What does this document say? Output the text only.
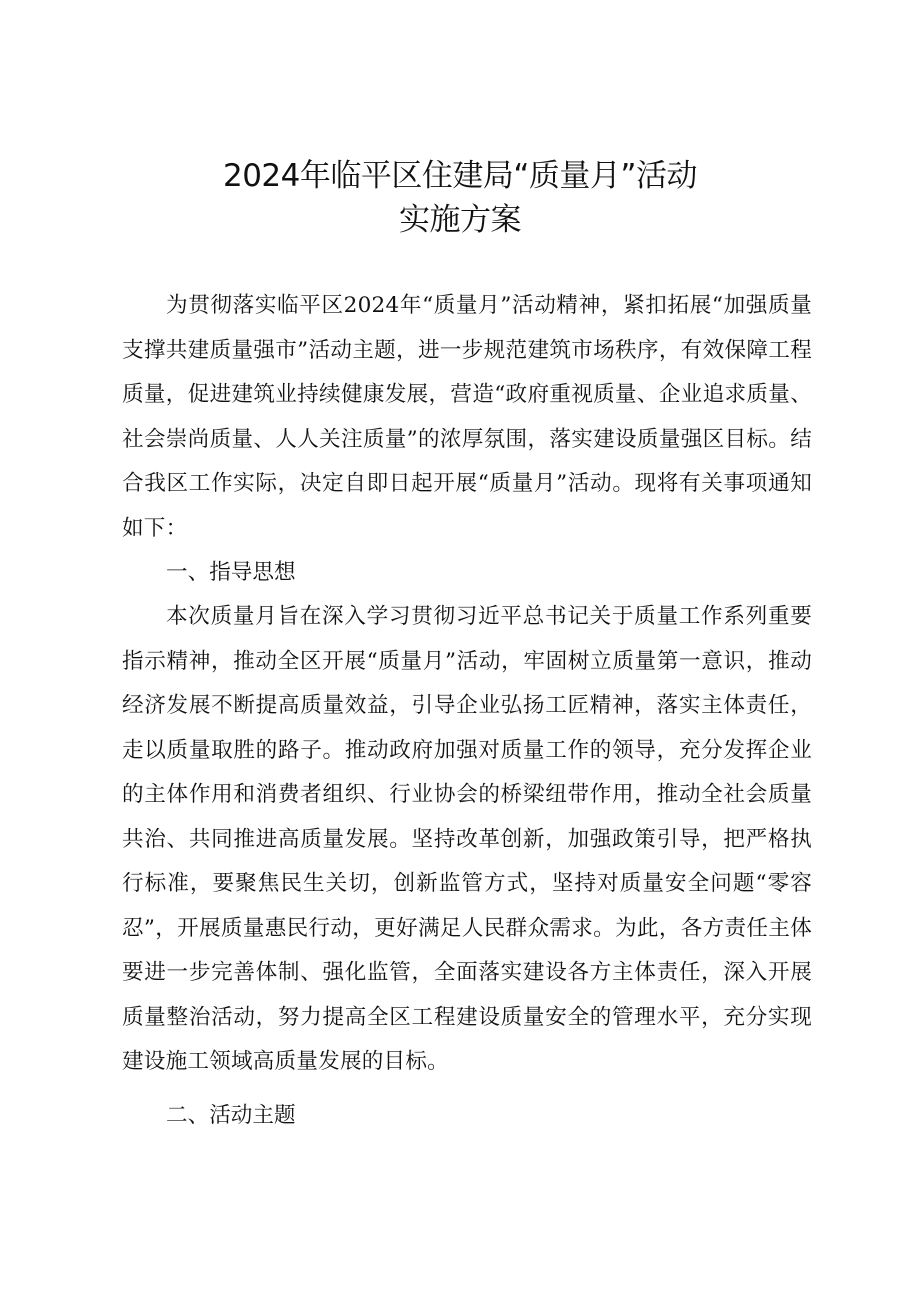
2024年临平区住建局“质量月”活动
实施方案

为贯彻落实临平区2024年“质量月”活动精神，紧扣拓展“加强质量支撑共建质量强市”活动主题，进一步规范建筑市场秩序，有效保障工程质量，促进建筑业持续健康发展，营造“政府重视质量、企业追求质量、社会崇尚质量、人人关注质量”的浓厚氛围，落实建设质量强区目标。结合我区工作实际，决定自即日起开展“质量月”活动。现将有关事项通知如下：

一、指导思想

本次质量月旨在深入学习贯彻习近平总书记关于质量工作系列重要指示精神，推动全区开展“质量月”活动，牢固树立质量第一意识，推动经济发展不断提高质量效益，引导企业弘扬工匠精神，落实主体责任，走以质量取胜的路子。推动政府加强对质量工作的领导，充分发挥企业的主体作用和消费者组织、行业协会的桥梁纽带作用，推动全社会质量共治、共同推进高质量发展。坚持改革创新，加强政策引导，把严格执行标准，要聚焦民生关切，创新监管方式，坚持对质量安全问题“零容忍”，开展质量惠民行动，更好满足人民群众需求。为此，各方责任主体要进一步完善体制、强化监管，全面落实建设各方主体责任，深入开展质量整治活动，努力提高全区工程建设质量安全的管理水平，充分实现建设施工领域高质量发展的目标。

二、活动主题
